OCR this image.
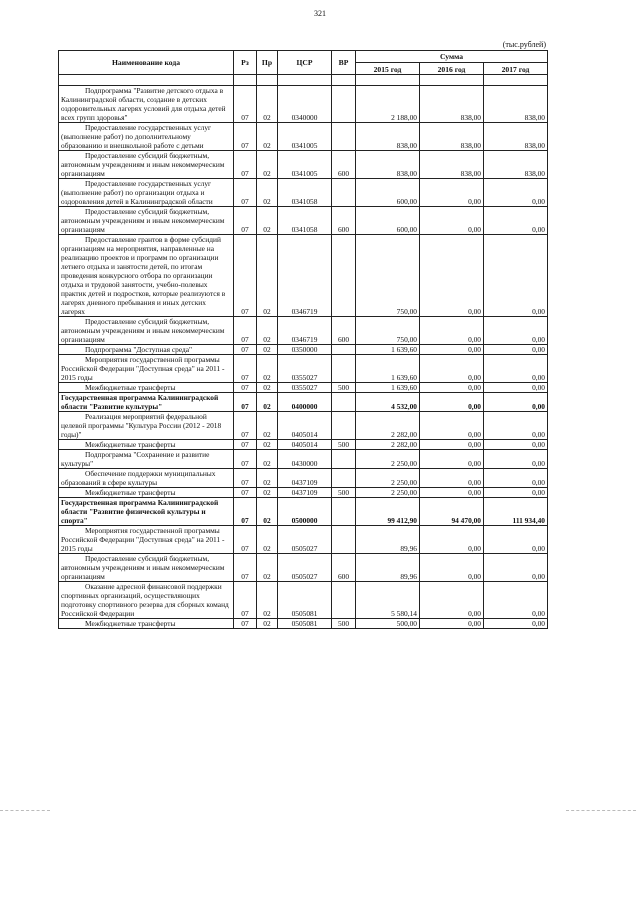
321
(тыс.рублей)
Наименование кода	Рз	Пр	ЦСР	ВР	Сумма		
					2015 год	2016 год	2017 год

Подпрограмма "Развитие детского отдыха в Калининградской области, создание в детских оздоровительных лагерях условий для отдыха детей всех групп здоровья"	07	02	0340000		2 188,00	838,00	838,00
Предоставление государственных услуг (выполнение работ) по дополнительному образованию и внешкольной работе с детьми	07	02	0341005		838,00	838,00	838,00
Предоставление субсидий бюджетным, автономным учреждениям и иным некоммерческим организациям	07	02	0341005	600	838,00	838,00	838,00
Предоставление государственных услуг (выполнение работ) по организации отдыха и оздоровления детей в Калининградской области	07	02	0341058		600,00	0,00	0,00
Предоставление субсидий бюджетным, автономным учреждениям и иным некоммерческим организациям	07	02	0341058	600	600,00	0,00	0,00
Предоставление грантов в форме субсидий организациям на мероприятия, направленные на реализацию проектов и программ по организации летнего отдыха и занятости детей, по итогам проведения конкурсного отбора по организации отдыха и трудовой занятости, учебно-полевых практик детей и подростков, которые реализуются в лагерях дневного пребывания и иных детских лагерях	07	02	0346719		750,00	0,00	0,00
Предоставление субсидий бюджетным, автономным учреждениям и иным некоммерческим организациям	07	02	0346719	600	750,00	0,00	0,00
Подпрограмма "Доступная среда"	07	02	0350000		1 639,60	0,00	0,00
Мероприятия государственной программы Российской Федерации "Доступная среда" на 2011 - 2015 годы	07	02	0355027		1 639,60	0,00	0,00
Межбюджетные трансферты	07	02	0355027	500	1 639,60	0,00	0,00
Государственная программа Калининградской области "Развитие культуры"	07	02	0400000		4 532,00	0,00	0,00
Реализация мероприятий федеральной целевой программы "Культура России (2012 - 2018 годы)"	07	02	0405014		2 282,00	0,00	0,00
Межбюджетные трансферты	07	02	0405014	500	2 282,00	0,00	0,00
Подпрограмма "Сохранение и развитие культуры"	07	02	0430000		2 250,00	0,00	0,00
Обеспечение поддержки муниципальных образований в сфере культуры	07	02	0437109		2 250,00	0,00	0,00
Межбюджетные трансферты	07	02	0437109	500	2 250,00	0,00	0,00
Государственная программа Калининградской области "Развитие физической культуры и спорта"	07	02	0500000		99 412,90	94 470,00	111 934,40
Мероприятия государственной программы Российской Федерации "Доступная среда" на 2011 - 2015 годы	07	02	0505027		89,96	0,00	0,00
Предоставление субсидий бюджетным, автономным учреждениям и иным некоммерческим организациям	07	02	0505027	600	89,96	0,00	0,00
Оказание адресной финансовой поддержки спортивных организаций, осуществляющих подготовку спортивного резерва для сборных команд Российской Федерации	07	02	0505081		5 580,14	0,00	0,00
Межбюджетные трансферты	07	02	0505081	500	500,00	0,00	0,00
